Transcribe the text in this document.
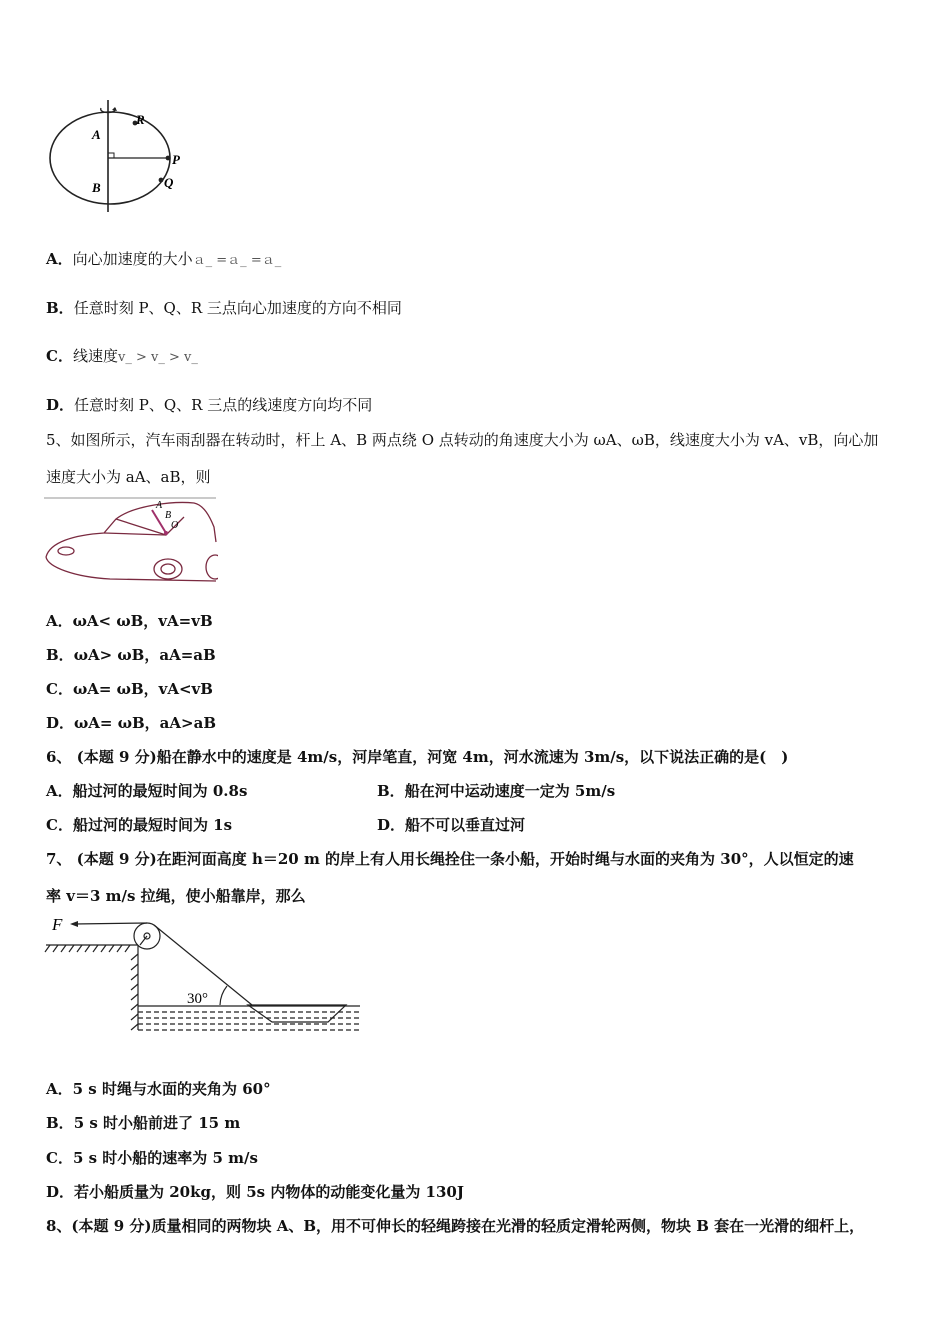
A
B
R
P
Q
A．向心加速度的大小ａ_ =ａ_ =ａ_
B．任意时刻 P、Q、R 三点向心加速度的方向不相同
C．线速度v_ > v_ > v_
D．任意时刻 P、Q、R 三点的线速度方向均不同
5、如图所示，汽车雨刮器在转动时，杆上 A、B 两点绕 O 点转动的角速度大小为 ωA、ωB，线速度大小为 vA、vB，向心加
速度大小为 aA、aB，则
A
B
O
A．ωA< ωB，vA=vB
B．ωA> ωB，aA=aB
C．ωA= ωB，vA<vB
D．ωA= ωB，aA>aB
6、 (本题 9 分)船在静水中的速度是 4m/s，河岸笔直，河宽 4m，河水流速为 3m/s，以下说法正确的是(　)
A．船过河的最短时间为 0.8s	B．船在河中运动速度一定为 5m/s
C．船过河的最短时间为 1s	D．船不可以垂直过河
7、 (本题 9 分)在距河面高度 h＝20 m 的岸上有人用长绳拴住一条小船，开始时绳与水面的夹角为 30°，人以恒定的速
率 v＝3 m/s 拉绳，使小船靠岸，那么
F
30°
A．5 s 时绳与水面的夹角为 60°
B．5 s 时小船前进了 15 m
C．5 s 时小船的速率为 5 m/s
D．若小船质量为 20kg，则 5s 内物体的动能变化量为 130J
8、(本题 9 分)质量相同的两物块 A、B，用不可伸长的轻绳跨接在光滑的轻质定滑轮两侧，物块 B 套在一光滑的细杆上，
